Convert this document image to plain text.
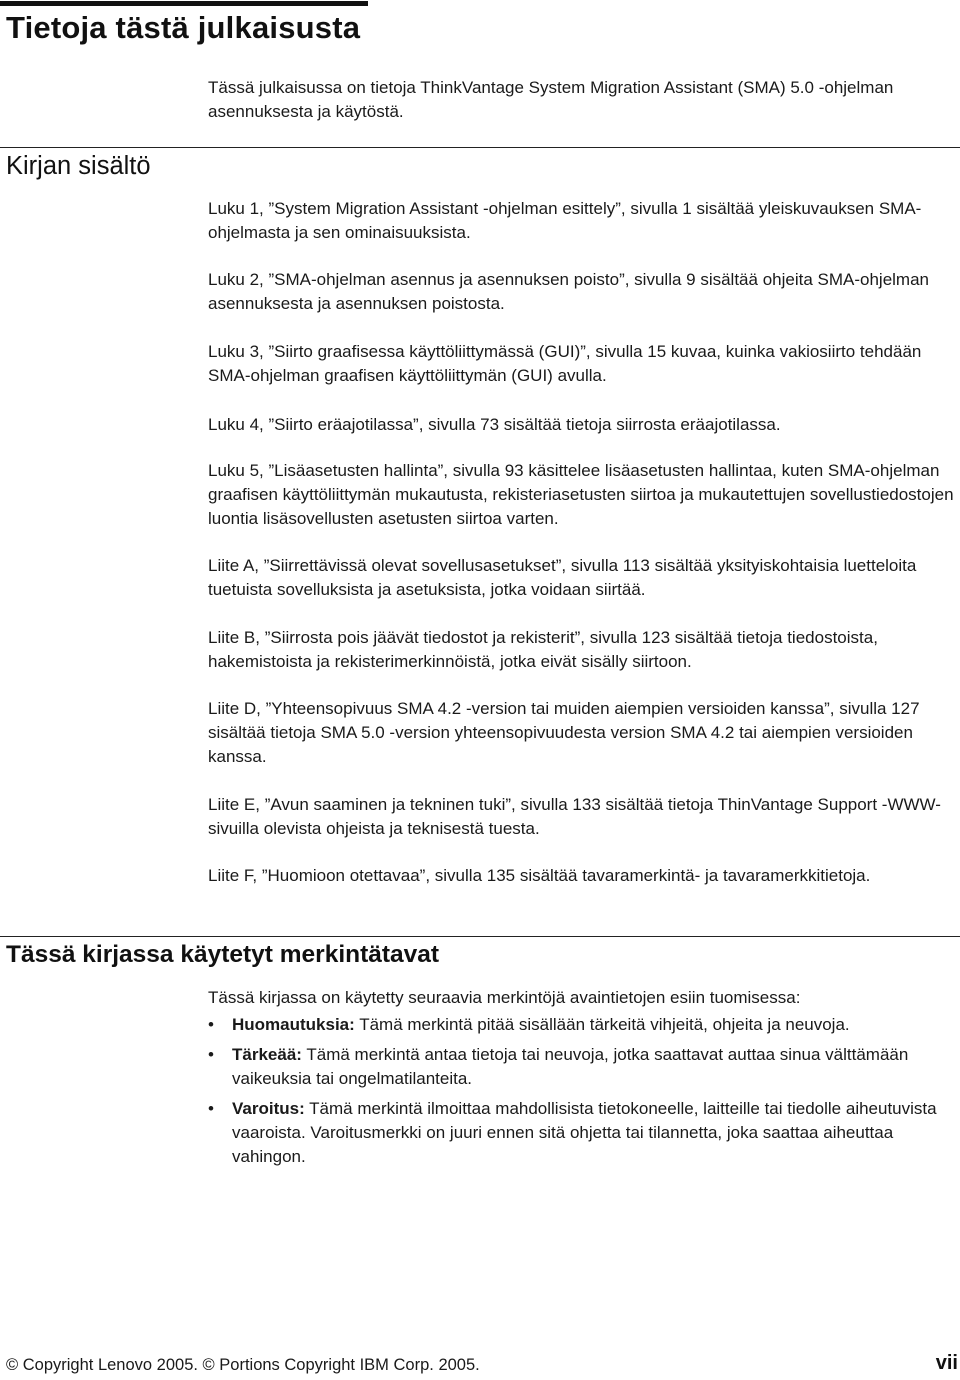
Tietoja tästä julkaisusta

Tässä julkaisussa on tietoja ThinkVantage System Migration Assistant (SMA) 5.0 -ohjelman asennuksesta ja käytöstä.

Kirjan sisältö

Luku 1, ”System Migration Assistant -ohjelman esittely”, sivulla 1 sisältää yleiskuvauksen SMA-ohjelmasta ja sen ominaisuuksista.

Luku 2, ”SMA-ohjelman asennus ja asennuksen poisto”, sivulla 9 sisältää ohjeita SMA-ohjelman asennuksesta ja asennuksen poistosta.

Luku 3, ”Siirto graafisessa käyttöliittymässä (GUI)”, sivulla 15 kuvaa, kuinka vakiosiirto tehdään SMA-ohjelman graafisen käyttöliittymän (GUI) avulla.

Luku 4, ”Siirto eräajotilassa”, sivulla 73 sisältää tietoja siirrosta eräajotilassa.

Luku 5, ”Lisäasetusten hallinta”, sivulla 93 käsittelee lisäasetusten hallintaa, kuten SMA-ohjelman graafisen käyttöliittymän mukautusta, rekisteriasetusten siirtoa ja mukautettujen sovellustiedostojen luontia lisäsovellusten asetusten siirtoa varten.

Liite A, ”Siirrettävissä olevat sovellusasetukset”, sivulla 113 sisältää yksityiskohtaisia luetteloita tuetuista sovelluksista ja asetuksista, jotka voidaan siirtää.

Liite B, ”Siirrosta pois jäävät tiedostot ja rekisterit”, sivulla 123 sisältää tietoja tiedostoista, hakemistoista ja rekisterimerkinnöistä, jotka eivät sisälly siirtoon.

Liite D, ”Yhteensopivuus SMA 4.2 -version tai muiden aiempien versioiden kanssa”, sivulla 127 sisältää tietoja SMA 5.0 -version yhteensopivuudesta version SMA 4.2 tai aiempien versioiden kanssa.

Liite E, ”Avun saaminen ja tekninen tuki”, sivulla 133 sisältää tietoja ThinVantage Support -WWW-sivuilla olevista ohjeista ja teknisestä tuesta.

Liite F, ”Huomioon otettavaa”, sivulla 135 sisältää tavaramerkintä- ja tavaramerkkitietoja.

Tässä kirjassa käytetyt merkintätavat

Tässä kirjassa on käytetty seuraavia merkintöjä avaintietojen esiin tuomisessa:

• Huomautuksia: Tämä merkintä pitää sisällään tärkeitä vihjeitä, ohjeita ja neuvoja.
• Tärkeää: Tämä merkintä antaa tietoja tai neuvoja, jotka saattavat auttaa sinua välttämään vaikeuksia tai ongelmatilanteita.
• Varoitus: Tämä merkintä ilmoittaa mahdollisista tietokoneelle, laitteille tai tiedolle aiheutuvista vaaroista. Varoitusmerkki on juuri ennen sitä ohjetta tai tilannetta, joka saattaa aiheuttaa vahingon.
© Copyright Lenovo 2005. © Portions Copyright IBM Corp. 2005.	vii
